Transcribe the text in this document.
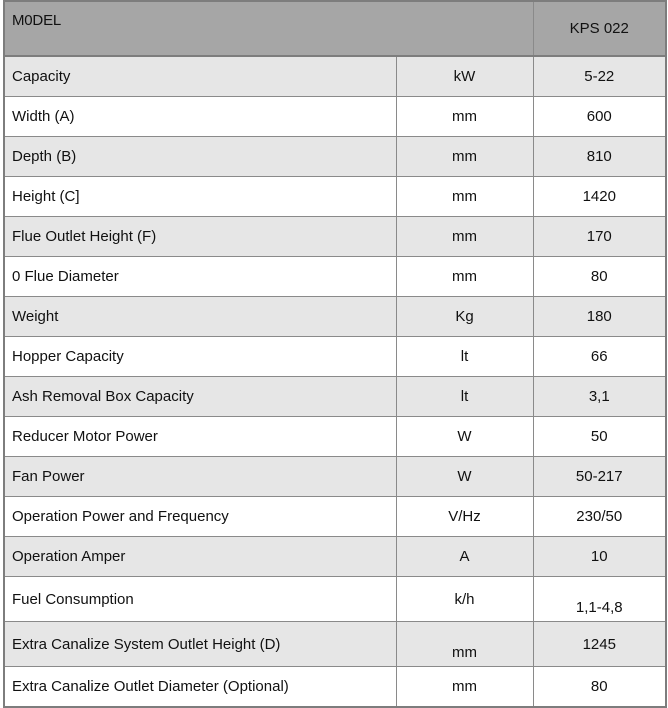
M0DEL		KPS 022
Capacity	kW	5-22
Width (A)	mm	600
Depth (B)	mm	810
Height (C]	mm	1420
Flue Outlet Height (F)	mm	170
0 Flue Diameter	mm	80
Weight	Kg	180
Hopper Capacity	lt	66
Ash Removal Box Capacity	lt	3,1
Reducer Motor Power	W	50
Fan Power	W	50-217
Operation Power and Frequency	V/Hz	230/50
Operation Amper	A	10
Fuel Consumption	k/h	1,1-4,8
Extra Canalize System Outlet Height (D)	mm	1245
Extra Canalize Outlet Diameter (Optional)	mm	80
